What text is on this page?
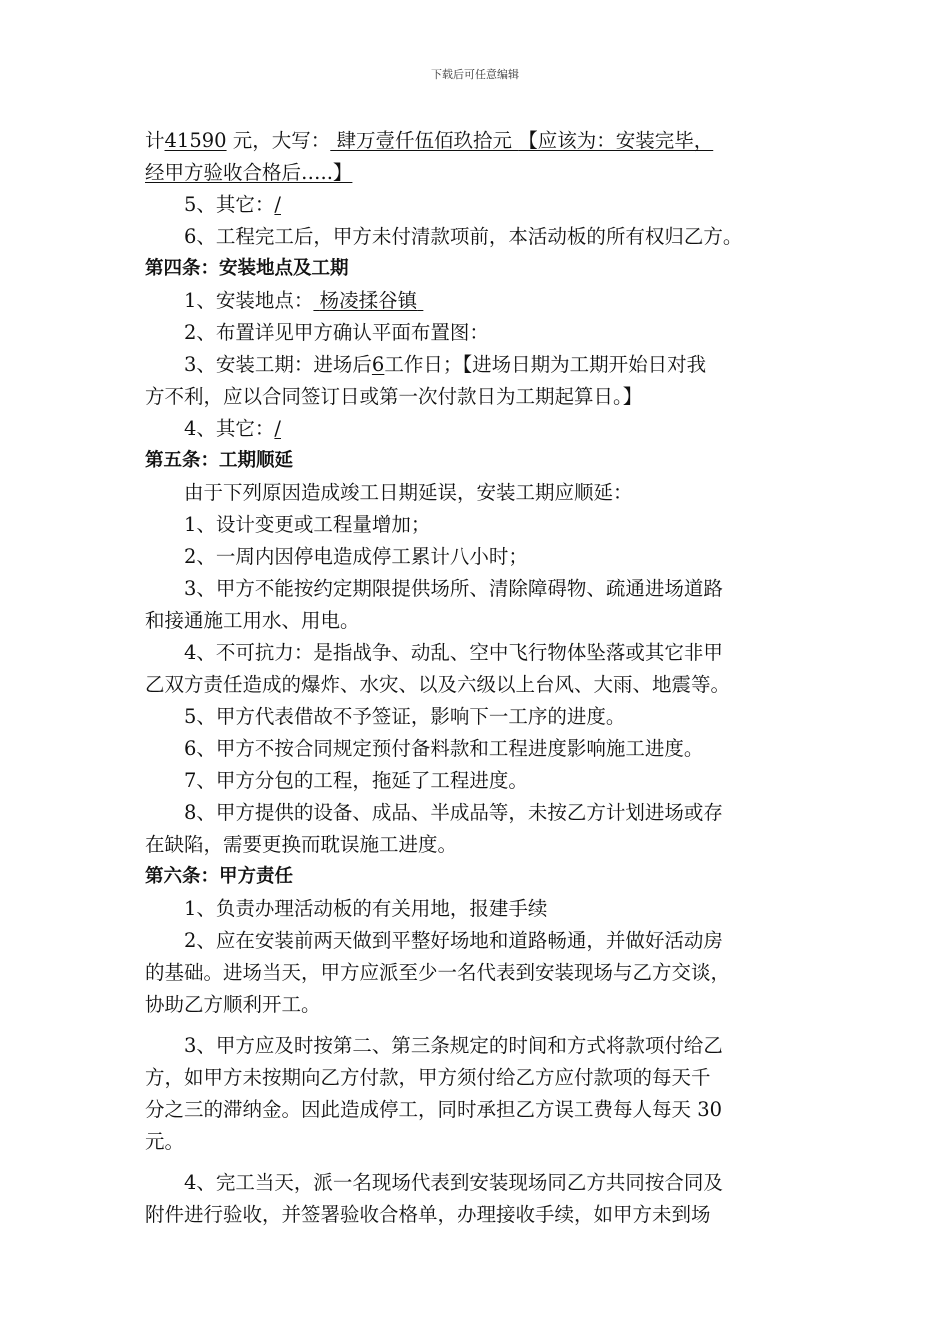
下载后可任意编辑

计41590 元，大写： 肆万壹仟伍佰玖拾元 【应该为：安装完毕，

经甲方验收合格后…..】

5、其它：/

6、工程完工后，甲方未付清款项前，本活动板的所有权归乙方。

第四条：安装地点及工期

1、安装地点： 杨凌揉谷镇

2、布置详见甲方确认平面布置图：

3、安装工期：进场后6工作日；【进场日期为工期开始日对我

方不利，应以合同签订日或第一次付款日为工期起算日。】

4、其它：/

第五条：工期顺延

由于下列原因造成竣工日期延误，安装工期应顺延：

1、设计变更或工程量增加；

2、一周内因停电造成停工累计八小时；

3、甲方不能按约定期限提供场所、清除障碍物、疏通进场道路

和接通施工用水、用电。

4、不可抗力：是指战争、动乱、空中飞行物体坠落或其它非甲

乙双方责任造成的爆炸、水灾、以及六级以上台风、大雨、地震等。

5、甲方代表借故不予签证，影响下一工序的进度。

6、甲方不按合同规定预付备料款和工程进度影响施工进度。

7、甲方分包的工程，拖延了工程进度。

8、甲方提供的设备、成品、半成品等，未按乙方计划进场或存

在缺陷，需要更换而耽误施工进度。

第六条：甲方责任

1、负责办理活动板的有关用地，报建手续

2、应在安装前两天做到平整好场地和道路畅通，并做好活动房

的基础。进场当天，甲方应派至少一名代表到安装现场与乙方交谈，

协助乙方顺利开工。

3、甲方应及时按第二、第三条规定的时间和方式将款项付给乙

方，如甲方未按期向乙方付款，甲方须付给乙方应付款项的每天千

分之三的滞纳金。因此造成停工，同时承担乙方误工费每人每天 30

元。

4、完工当天，派一名现场代表到安装现场同乙方共同按合同及

附件进行验收，并签署验收合格单，办理接收手续，如甲方未到场
